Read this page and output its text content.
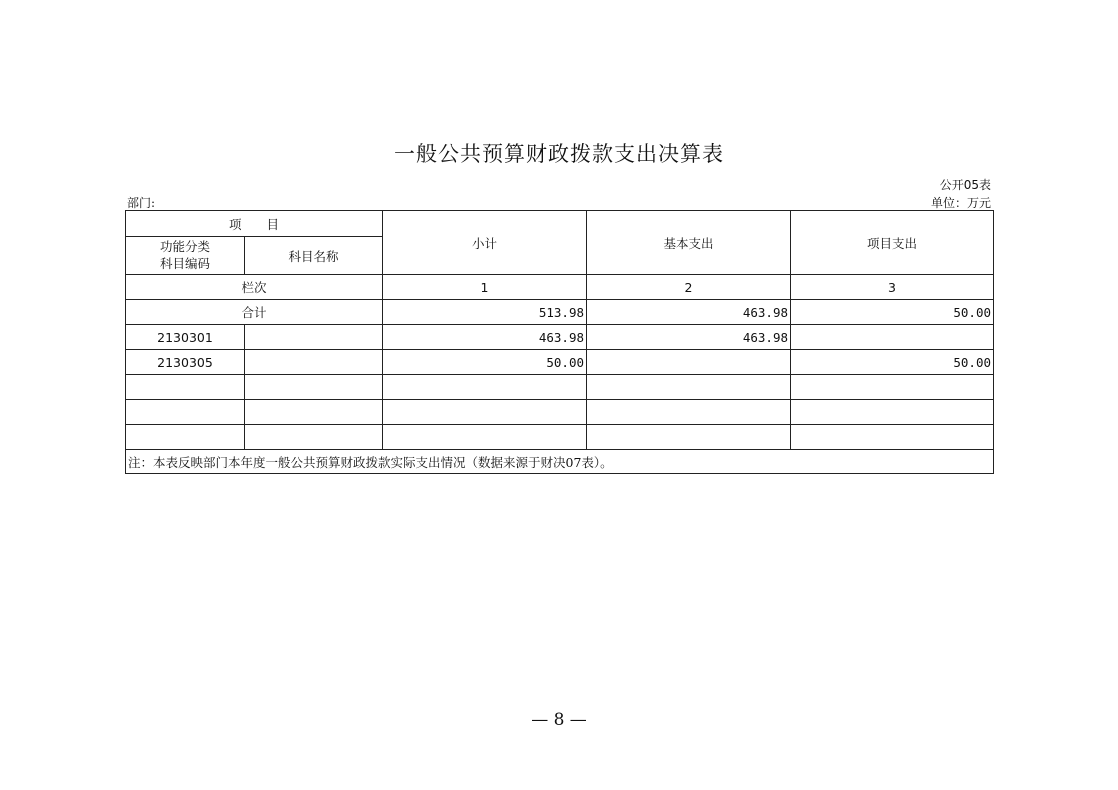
一般公共预算财政拨款支出决算表
公开05表
部门:	单位：万元
项　　目		小计	基本支出	项目支出
功能分类
科目编码	科目名称			
栏次		1	2	3
合计		513.98	463.98	50.00
2130301		463.98	463.98	
2130305		50.00		50.00

注：本表反映部门本年度一般公共预算财政拨款实际支出情况（数据来源于财决07表）。				
— 8 —
